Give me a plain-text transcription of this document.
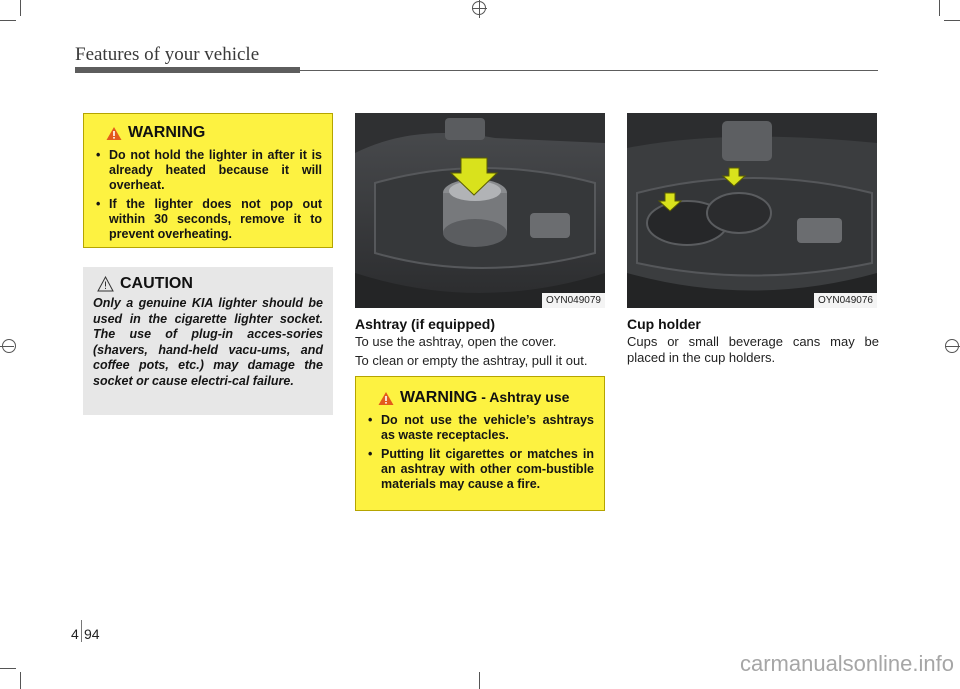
Features of your vehicle
WARNING
• Do not hold the lighter in after it is already heated because it will overheat.
• If the lighter does not pop out within 30 seconds, remove it to prevent overheating.
CAUTION
Only a genuine KIA lighter should be used in the cigarette lighter socket. The use of plug-in acces-sories (shavers, hand-held vacu-ums, and coffee pots, etc.) may damage the socket or cause electri-cal failure.
OYN049079
Ashtray (if equipped)
To use the ashtray, open the cover.
To clean or empty the ashtray, pull it out.
WARNING - Ashtray use
• Do not use the vehicle’s ashtrays as waste receptacles.
• Putting lit cigarettes or matches in an ashtray with other com-bustible materials may cause a fire.
OYN049076
Cup holder
Cups or small beverage cans may be placed in the cup holders.
4 94
carmanualsonline.info
